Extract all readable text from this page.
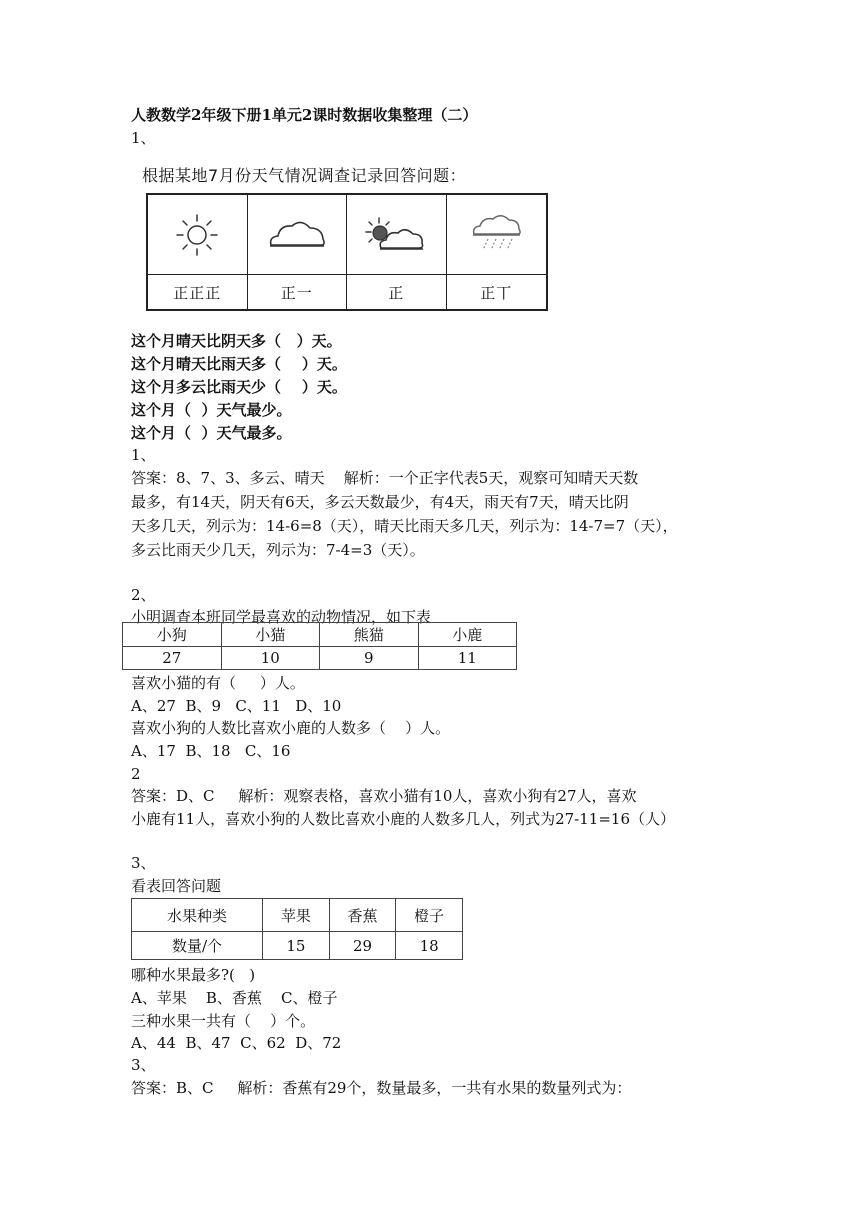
人教数学2年级下册1单元2课时数据收集整理（二）
1、
根据某地7月份天气情况调查记录回答问题：
正正正	正一	正	正丅
这个月晴天比阴天多（   ）天。
这个月晴天比雨天多（    ）天。
这个月多云比雨天少（    ）天。
这个月（  ）天气最少。
这个月（  ）天气最多。
1、
答案：8、7、3、多云、晴天    解析：一个正字代表5天，观察可知晴天天数
最多，有14天，阴天有6天，多云天数最少，有4天，雨天有7天，晴天比阴
天多几天，列示为：14-6=8（天），晴天比雨天多几天，列示为：14-7=7（天），
多云比雨天少几天，列示为：7-4=3（天）。
2、
小明调查本班同学最喜欢的动物情况，如下表
小狗	小猫	熊猫	小鹿
27	10	9	11
喜欢小猫的有（     ）人。
A、27  B、9   C、11   D、10
喜欢小狗的人数比喜欢小鹿的人数多（    ）人。
A、17  B、18   C、16
2
答案：D、C     解析：观察表格，喜欢小猫有10人，喜欢小狗有27人，喜欢
小鹿有11人，喜欢小狗的人数比喜欢小鹿的人数多几人，列式为27-11=16（人）
3、
看表回答问题
水果种类	苹果	香蕉	橙子
数量/个	15	29	18
哪种水果最多?(   )
A、苹果    B、香蕉    C、橙子
三种水果一共有（    ）个。
A、44  B、47  C、62  D、72
3、
答案：B、C     解析：香蕉有29个，数量最多，一共有水果的数量列式为：
